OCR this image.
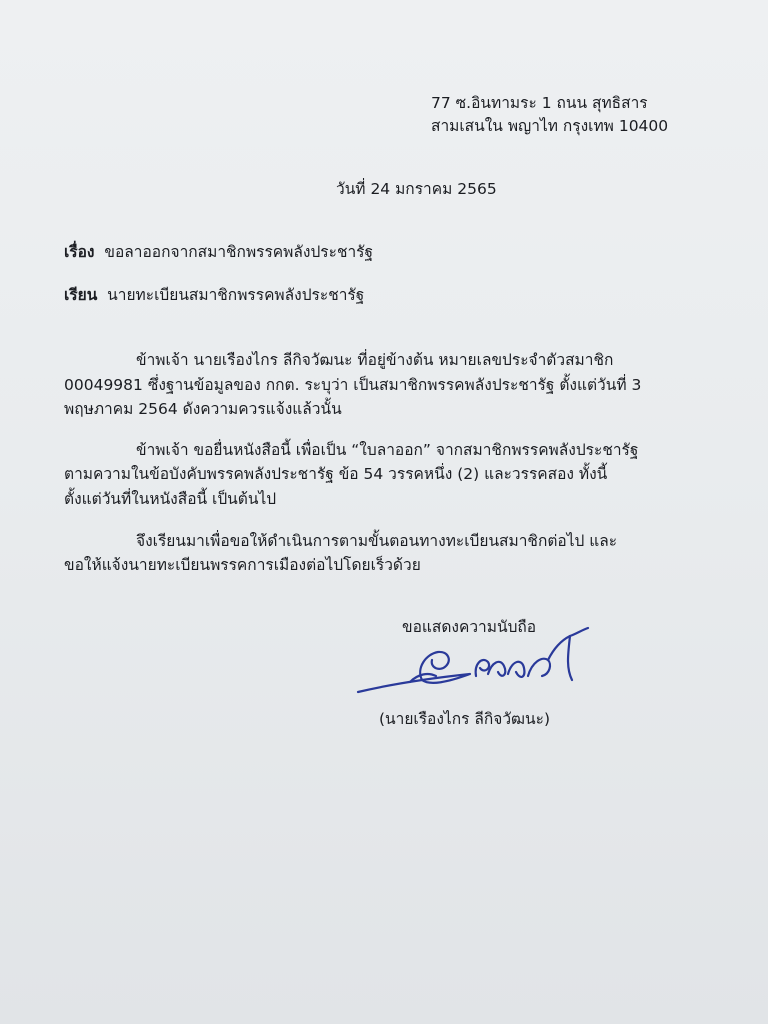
77 ซ.อินทามระ 1 ถนน สุทธิสาร
สามเสนใน พญาไท กรุงเทพ 10400
วันที่ 24 มกราคม 2565
เรื่อง ขอลาออกจากสมาชิกพรรคพลังประชารัฐ
เรียน นายทะเบียนสมาชิกพรรคพลังประชารัฐ
ข้าพเจ้า นายเรืองไกร ลีกิจวัฒนะ ที่อยู่ข้างต้น หมายเลขประจำตัวสมาชิก
00049981 ซึ่งฐานข้อมูลของ กกต. ระบุว่า เป็นสมาชิกพรรคพลังประชารัฐ ตั้งแต่วันที่ 3
พฤษภาคม 2564 ดังความควรแจ้งแล้วนั้น
ข้าพเจ้า ขอยื่นหนังสือนี้ เพื่อเป็น “ใบลาออก” จากสมาชิกพรรคพลังประชารัฐ
ตามความในข้อบังคับพรรคพลังประชารัฐ ข้อ 54 วรรคหนึ่ง (2) และวรรคสอง ทั้งนี้
ตั้งแต่วันที่ในหนังสือนี้ เป็นต้นไป
จึงเรียนมาเพื่อขอให้ดำเนินการตามขั้นตอนทางทะเบียนสมาชิกต่อไป และ
ขอให้แจ้งนายทะเบียนพรรคการเมืองต่อไปโดยเร็วด้วย
ขอแสดงความนับถือ
(นายเรืองไกร ลีกิจวัฒนะ)
